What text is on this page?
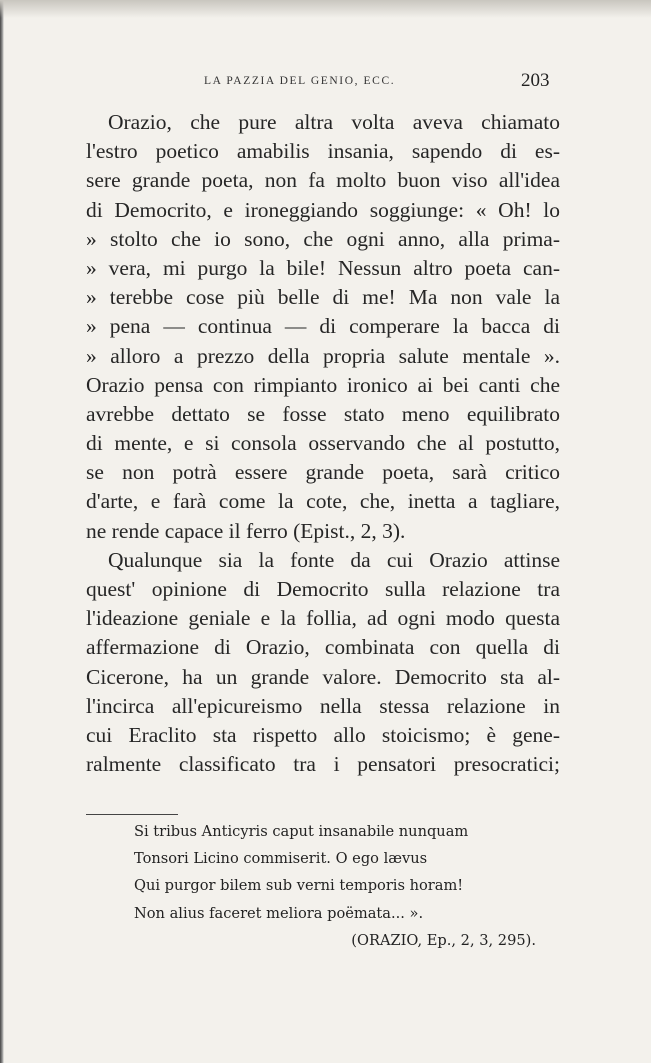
LA PAZZIA DEL GENIO, ECC.	203
Orazio, che pure altra volta aveva chiamato
l'estro poetico amabilis insania, sapendo di es-
sere grande poeta, non fa molto buon viso all'idea
di Democrito, e ironeggiando soggiunge: « Oh! lo
» stolto che io sono, che ogni anno, alla prima-
» vera, mi purgo la bile! Nessun altro poeta can-
» terebbe cose più belle di me! Ma non vale la
» pena — continua — di comperare la bacca di
» alloro a prezzo della propria salute mentale ».
Orazio pensa con rimpianto ironico ai bei canti che
avrebbe dettato se fosse stato meno equilibrato
di mente, e si consola osservando che al postutto,
se non potrà essere grande poeta, sarà critico
d'arte, e farà come la cote, che, inetta a tagliare,
ne rende capace il ferro (Epist., 2, 3).
Qualunque sia la fonte da cui Orazio attinse
quest' opinione di Democrito sulla relazione tra
l'ideazione geniale e la follia, ad ogni modo questa
affermazione di Orazio, combinata con quella di
Cicerone, ha un grande valore. Democrito sta al-
l'incirca all'epicureismo nella stessa relazione in
cui Eraclito sta rispetto allo stoicismo; è gene-
ralmente classificato tra i pensatori presocratici;
Si tribus Anticyris caput insanabile nunquam
Tonsori Licino commiserit. O ego lævus
Qui purgor bilem sub verni temporis horam!
Non alius faceret meliora poëmata... ».
(ORAZIO, Ep., 2, 3, 295).
